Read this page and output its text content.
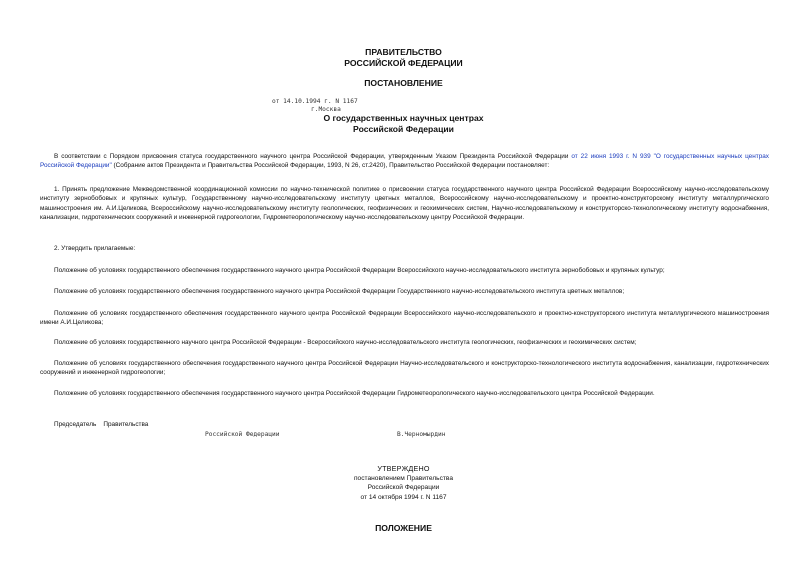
ПРАВИТЕЛЬСТВО
РОССИЙСКОЙ ФЕДЕРАЦИИ
ПОСТАНОВЛЕНИЕ
от 14.10.1994 г. N 1167
г.Москва
О государственных научных центрах
Российской Федерации
В соответствии с Порядком присвоения статуса государственного научного центра Российской Федерации, утвержденным Указом Президента Российской Федерации от 22 июня 1993 г. N 939 "О государственных научных центрах Российской Федерации" (Собрание актов Президента и Правительства Российской Федерации, 1993, N 26, ст.2420), Правительство Российской Федерации постановляет:
1. Принять предложение Межведомственной координационной комиссии по научно-технической политике о присвоении статуса государственного научного центра Российской Федерации Всероссийскому научно-исследовательскому институту зернобобовых и крупяных культур, Государственному научно-исследовательскому институту цветных металлов, Всероссийскому научно-исследовательскому и проектно-конструкторскому институту металлургического машиностроения им. А.И.Целикова, Всероссийскому научно-исследовательскому институту геологических, геофизических и геохимических систем, Научно-исследовательскому и конструкторско-технологическому институту водоснабжения, канализации, гидротехнических сооружений и инженерной гидрогеологии, Гидрометеорологическому научно-исследовательскому центру Российской Федерации.
2. Утвердить прилагаемые:
Положение об условиях государственного обеспечения государственного научного центра Российской Федерации Всероссийского научно-исследовательского института зернобобовых и крупяных культур;
Положение об условиях государственного обеспечения государственного научного центра Российской Федерации Государственного научно-исследовательского института цветных металлов;
Положение об условиях государственного обеспечения государственного научного центра Российской Федерации Всероссийского научно-исследовательского и проектно-конструкторского института металлургического машиностроения имени А.И.Целикова;
Положение об условиях государственного научного центра Российской Федерации - Всероссийского научно-исследовательского института геологических, геофизических и геохимических систем;
Положение об условиях государственного обеспечения государственного научного центра Российской Федерации Научно-исследовательского и конструкторско-технологического института водоснабжения, канализации, гидротехнических сооружений и инженерной гидрогеологии;
Положение об условиях государственного обеспечения государственного научного центра Российской Федерации Гидрометеорологического научно-исследовательского центра Российской Федерации.
Председатель    Правительства
Российской Федерации	В.Черномырдин
УТВЕРЖДЕНО
постановлением Правительства
Российской Федерации
от 14 октября 1994 г. N 1167
ПОЛОЖЕНИЕ
